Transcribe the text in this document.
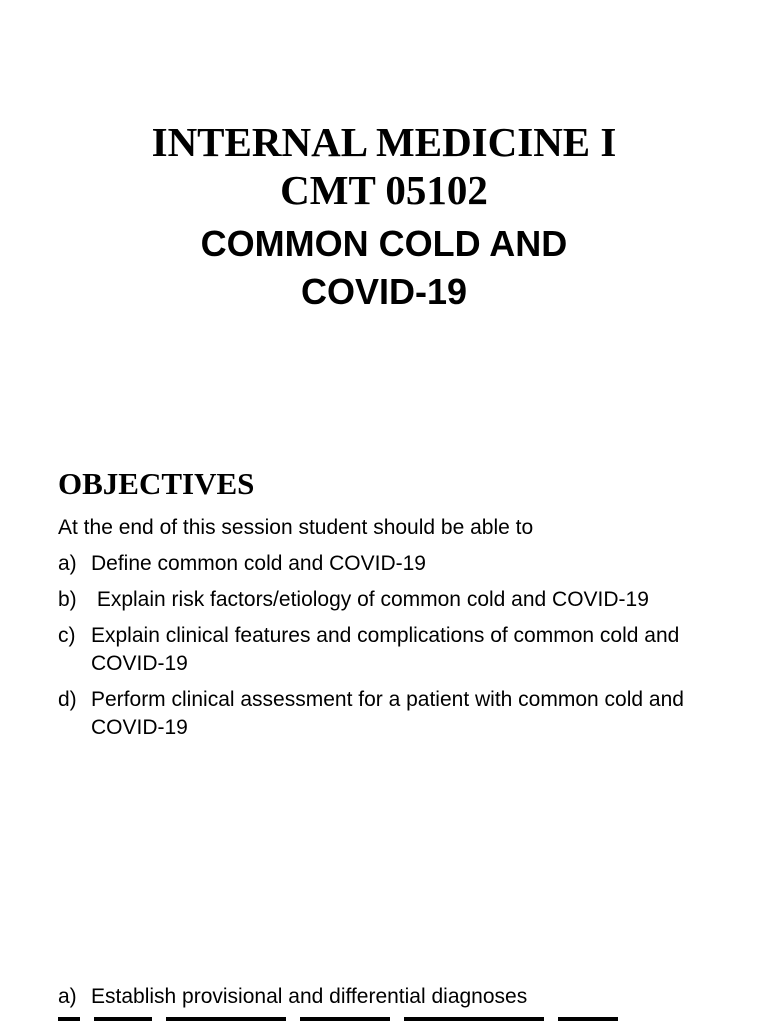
INTERNAL MEDICINE I
CMT 05102
COMMON COLD AND
COVID-19
OBJECTIVES
At the end of this session student should be able to
a) Define common cold and COVID-19
b) Explain risk factors/etiology of common cold and COVID-19
c) Explain clinical features and complications of common cold and COVID-19
d) Perform clinical assessment for a patient with common cold and COVID-19
a) Establish provisional and differential diagnoses
